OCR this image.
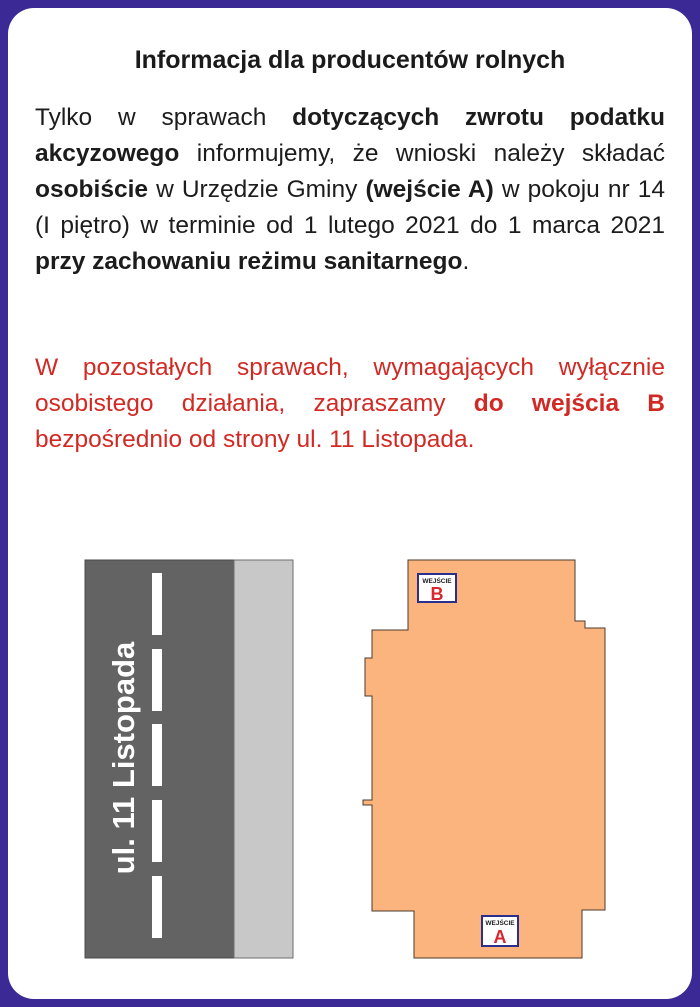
Informacja dla producentów rolnych

Tylko w sprawach dotyczących zwrotu podatku akcyzowego informujemy, że wnioski należy składać osobiście w Urzędzie Gminy (wejście A) w pokoju nr 14 (I piętro) w terminie od 1 lutego 2021 do 1 marca 2021 przy zachowaniu reżimu sanitarnego.

W pozostałych sprawach, wymagających wyłącznie osobistego działania, zapraszamy do wejścia B bezpośrednio od strony ul. 11 Listopada.

ul. 11 Listopada
WEJŚCIE
B
WEJŚCIE
A
